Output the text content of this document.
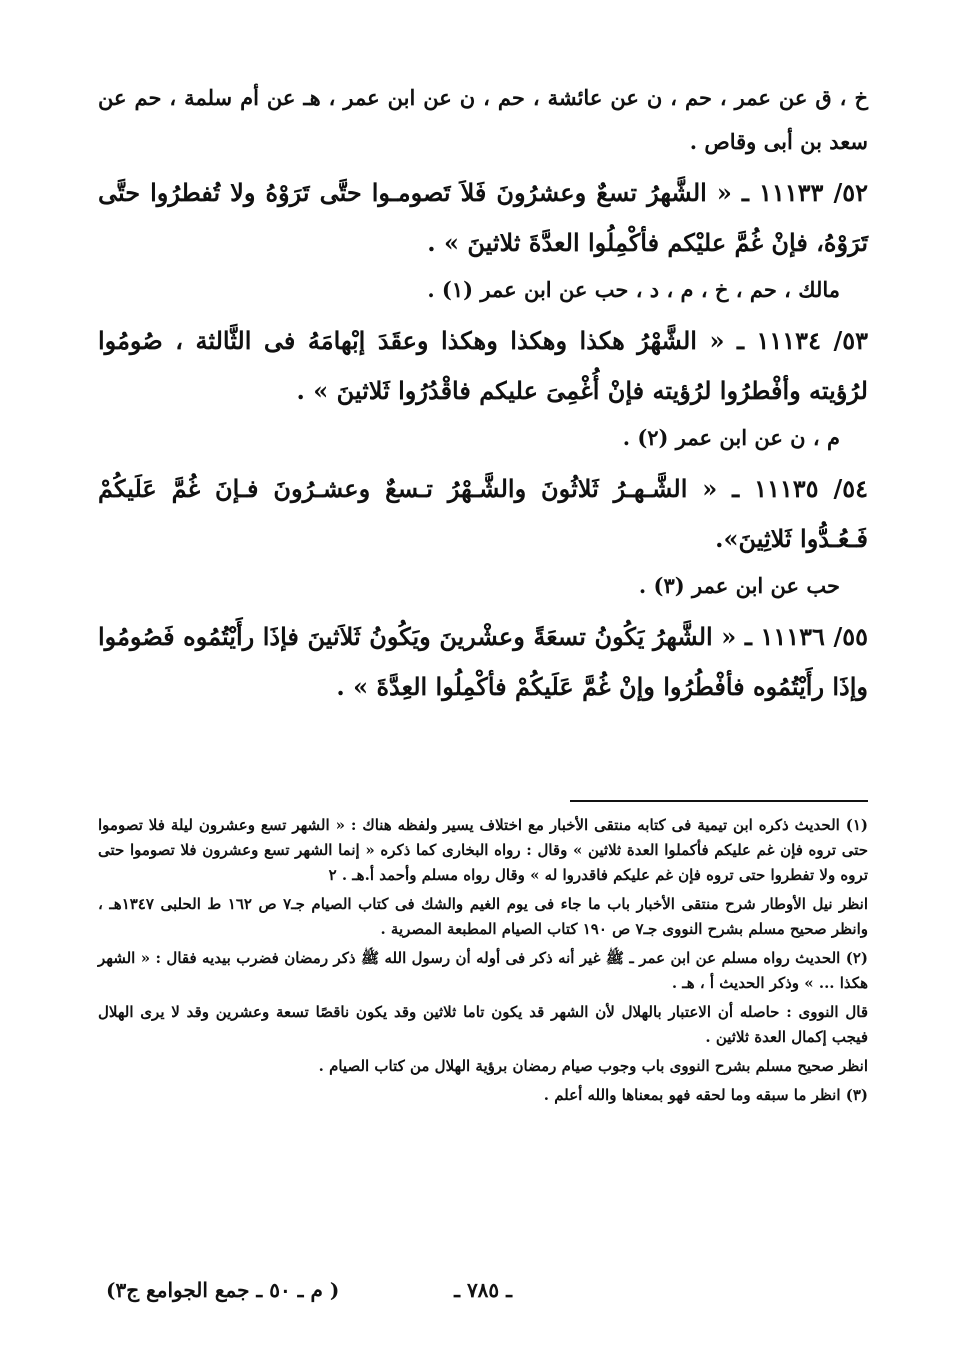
خ ، ق عن عمر ، حم ، ن عن عائشة ، حم ، ن عن ابن عمر ، هـ عن أم سلمة ، حم عن سعد بن أبى وقاص .

٥٢/ ١١١٣٣ ـ « الشَّهرُ تسعٌ وعشرُونَ فَلاَ تَصومـوا حتَّى تَرَوْهُ ولا تُفطرُوا حتَّى تَرَوْهُ، فإنْ غُمَّ عليْكم فأكْمِلُوا العدَّةَ ثلاثينَ » .

مالك ، حم ، خ ، م ، د ، حب عن ابن عمر (١) .

٥٣/ ١١١٣٤ ـ « الشَّهْرُ هكذا وهكذا وهكذا وعقَدَ إبْهامَهُ فى الثَّالثة ، صُومُوا لرُؤيته وأفْطرُوا لرُؤيته فإنْ أُغْمِىَ عليكم فاقْدُرُوا ثَلاثينَ » .

م ، ن عن ابن عمر (٢) .

٥٤/ ١١١٣٥ ـ « الشَّـهـرُ ثَلاثُونَ والشَّـهْرُ تـسعٌ وعشـرُونَ فـإنَ غُمَّ عَلَيكُمْ فَـعُـدُّوا ثَلاثِينَ».

حب عن ابن عمر (٣) .

٥٥/ ١١١٣٦ ـ « الشَّهرُ يَكُونُ تسعَةً وعشْرينَ ويَكُونُ ثَلاَثينَ فإذَا رأَيْتُمُوه فَصُومُوا وإذَا رأَيْتُمُوه فأفْطُرُوا وإنْ غُمَّ عَلَيكُمْ فأكْمِلُوا العِدَّةَ » .

(١) الحديث ذكره ابن تيمية فى كتابه منتقى الأخبار مع اختلاف يسير ولفظه هناك : « الشهر تسع وعشرون ليلة فلا تصوموا حتى تروه فإن غم عليكم فأكملوا العدة ثلاثين » وقال : رواه البخارى كما ذكره « إنما الشهر تسع وعشرون فلا تصوموا حتى تروه ولا تفطروا حتى تروه فإن غم عليكم فاقدروا له » وقال رواه مسلم وأحمد أ.هـ . ٢

انظر نيل الأوطار شرح منتقى الأخبار باب ما جاء فى يوم الغيم والشك فى كتاب الصيام جـ٧ ص ١٦٢ ط الحلبى ١٣٤٧هـ ، وانظر صحيح مسلم بشرح النووى جـ٧ ص ١٩٠ كتاب الصيام المطبعة المصرية .

(٢) الحديث رواه مسلم عن ابن عمر ـ ﷺ غير أنه ذكر فى أوله أن رسول الله ﷺ ذكر رمضان فضرب بيديه فقال : « الشهر هكذا ... » وذكر الحديث أ ، هـ .

قال النووى : حاصله أن الاعتبار بالهلال لأن الشهر قد يكون تاما ثلاثين وقد يكون ناقصًا تسعة وعشرين وقد لا يرى الهلال فيجب إكمال العدة ثلاثين .

انظر صحيح مسلم بشرح النووى باب وجوب صيام رمضان برؤية الهلال من كتاب الصيام .

(٣) انظر ما سبقه وما لحقه فهو بمعناها والله أعلم .

ـ ٧٨٥ ـ
( م ـ ٥٠ ـ جمع الجوامع ج٣)
